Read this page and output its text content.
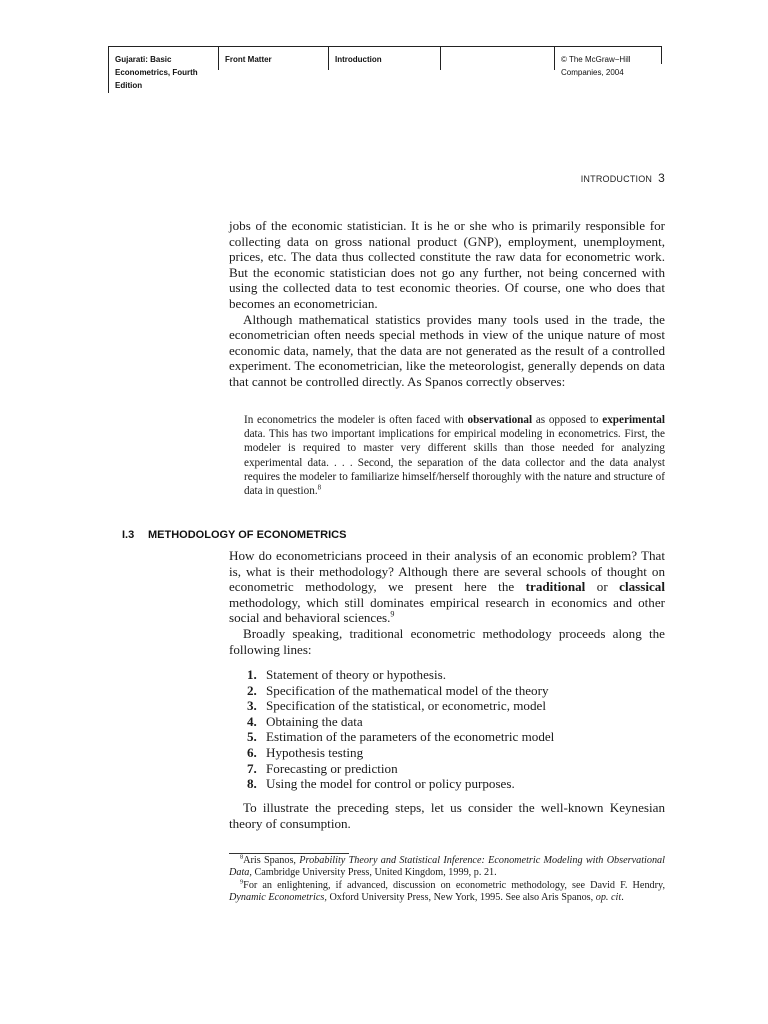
Gujarati: Basic Econometrics, Fourth Edition
Front Matter	Introduction	© The McGraw−Hill Companies, 2004
INTRODUCTION 3

jobs of the economic statistician. It is he or she who is primarily responsible for collecting data on gross national product (GNP), employment, unemployment, prices, etc. The data thus collected constitute the raw data for econometric work. But the economic statistician does not go any further, not being concerned with using the collected data to test economic theories. Of course, one who does that becomes an econometrician.

Although mathematical statistics provides many tools used in the trade, the econometrician often needs special methods in view of the unique nature of most economic data, namely, that the data are not generated as the result of a controlled experiment. The econometrician, like the meteorologist, generally depends on data that cannot be controlled directly. As Spanos correctly observes:

In econometrics the modeler is often faced with observational as opposed to experimental data. This has two important implications for empirical modeling in econometrics. First, the modeler is required to master very different skills than those needed for analyzing experimental data. . . . Second, the separation of the data collector and the data analyst requires the modeler to familiarize himself/herself thoroughly with the nature and structure of data in question.$^8$

I.3 METHODOLOGY OF ECONOMETRICS

How do econometricians proceed in their analysis of an economic problem? That is, what is their methodology? Although there are several schools of thought on econometric methodology, we present here the traditional or classical methodology, which still dominates empirical research in economics and other social and behavioral sciences.$^9$

Broadly speaking, traditional econometric methodology proceeds along the following lines:

1. Statement of theory or hypothesis.
2. Specification of the mathematical model of the theory
3. Specification of the statistical, or econometric, model
4. Obtaining the data
5. Estimation of the parameters of the econometric model
6. Hypothesis testing
7. Forecasting or prediction
8. Using the model for control or policy purposes.

To illustrate the preceding steps, let us consider the well-known Keynesian theory of consumption.

$^8$Aris Spanos, Probability Theory and Statistical Inference: Econometric Modeling with Observational Data, Cambridge University Press, United Kingdom, 1999, p. 21.

$^9$For an enlightening, if advanced, discussion on econometric methodology, see David F. Hendry, Dynamic Econometrics, Oxford University Press, New York, 1995. See also Aris Spanos, op. cit.
